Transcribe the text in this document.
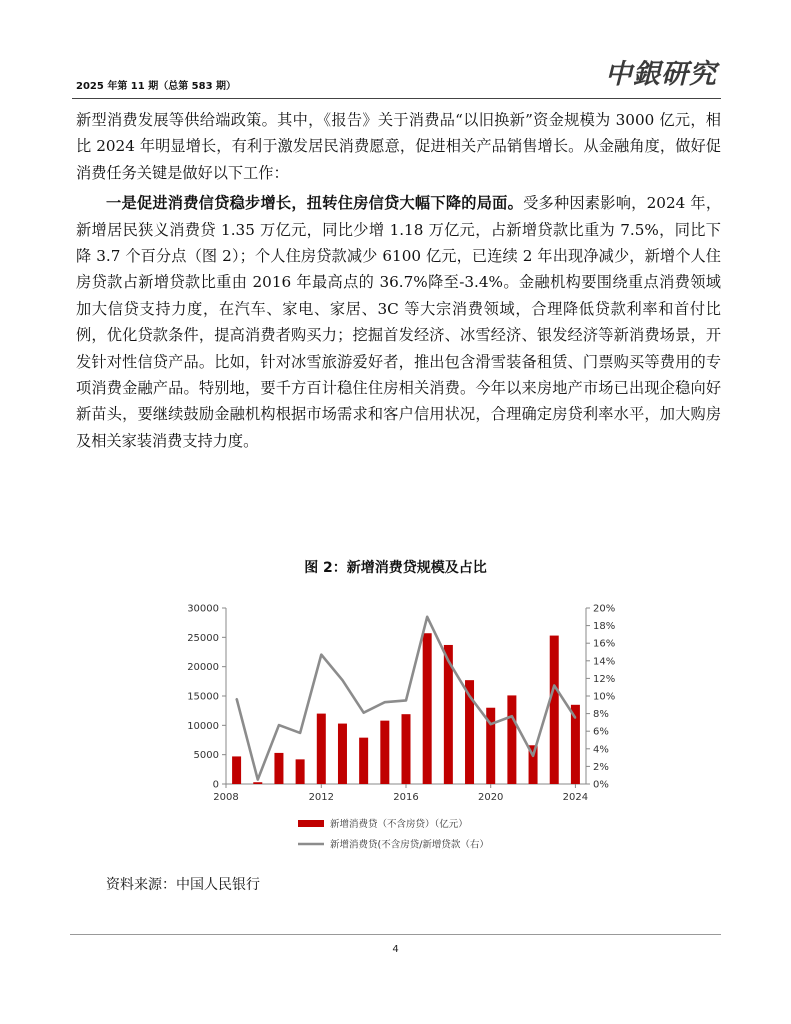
2025 年第 11 期（总第 583 期）	中銀研究

新型消费发展等供给端政策。其中，《报告》关于消费品“以旧换新”资金规模为 3000 亿元，相比 2024 年明显增长，有利于激发居民消费愿意，促进相关产品销售增长。从金融角度，做好促消费任务关键是做好以下工作：

一是促进消费信贷稳步增长，扭转住房信贷大幅下降的局面。受多种因素影响，2024 年，新增居民狭义消费贷 1.35 万亿元，同比少增 1.18 万亿元，占新增贷款比重为 7.5%，同比下降 3.7 个百分点（图 2）；个人住房贷款减少 6100 亿元，已连续 2 年出现净减少，新增个人住房贷款占新增贷款比重由 2016 年最高点的 36.7%降至-3.4%。金融机构要围绕重点消费领域加大信贷支持力度，在汽车、家电、家居、3C 等大宗消费领域，合理降低贷款利率和首付比例，优化贷款条件，提高消费者购买力；挖掘首发经济、冰雪经济、银发经济等新消费场景，开发针对性信贷产品。比如，针对冰雪旅游爱好者，推出包含滑雪装备租赁、门票购买等费用的专项消费金融产品。特别地，要千方百计稳住住房相关消费。今年以来房地产市场已出现企稳向好新苗头，要继续鼓励金融机构根据市场需求和客户信用状况，合理确定房贷利率水平，加大购房及相关家装消费支持力度。

图 2：新增消费贷规模及占比
0
5000
10000
15000
20000
25000
30000
0%
2%
4%
6%
8%
10%
12%
14%
16%
18%
20%
2008	2012	2016	2020	2024
新增消费贷（不含房贷）（亿元）
新增消费贷(不含房贷/新增贷款（右）
资料来源：中国人民银行
4
